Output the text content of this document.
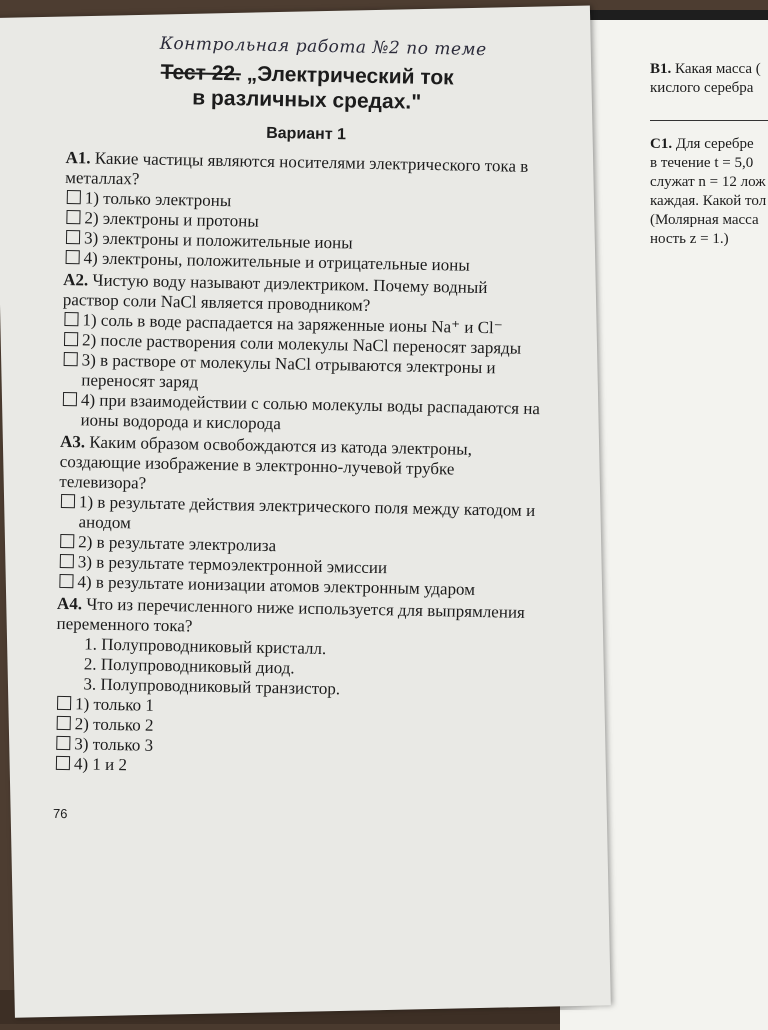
B1. Какая масса (
кислого серебра
C1. Для серебре
в течение t = 5,0
служат n = 12 лож
каждая. Какой тол
(Молярная масса
ность z = 1.)
Контрольная работа №2 по теме
Тест 22. „Электрический ток
в различных средах."
Вариант 1
A1. Какие частицы являются носителями электрического тока в металлах?
1) только электроны
2) электроны и протоны
3) электроны и положительные ионы
4) электроны, положительные и отрицательные ионы
A2. Чистую воду называют диэлектриком. Почему водный раствор соли NaCl является проводником?
1) соль в воде распадается на заряженные ионы Na⁺ и Cl⁻
2) после растворения соли молекулы NaCl переносят заряды
3) в растворе от молекулы NaCl отрываются электроны и переносят заряд
4) при взаимодействии с солью молекулы воды распадаются на ионы водорода и кислорода
A3. Каким образом освобождаются из катода электроны, создающие изображение в электронно-лучевой трубке телевизора?
1) в результате действия электрического поля между катодом и анодом
2) в результате электролиза
3) в результате термоэлектронной эмиссии
4) в результате ионизации атомов электронным ударом
A4. Что из перечисленного ниже используется для выпрямления переменного тока?
1. Полупроводниковый кристалл.
2. Полупроводниковый диод.
3. Полупроводниковый транзистор.
1) только 1
2) только 2
3) только 3
4) 1 и 2
76
